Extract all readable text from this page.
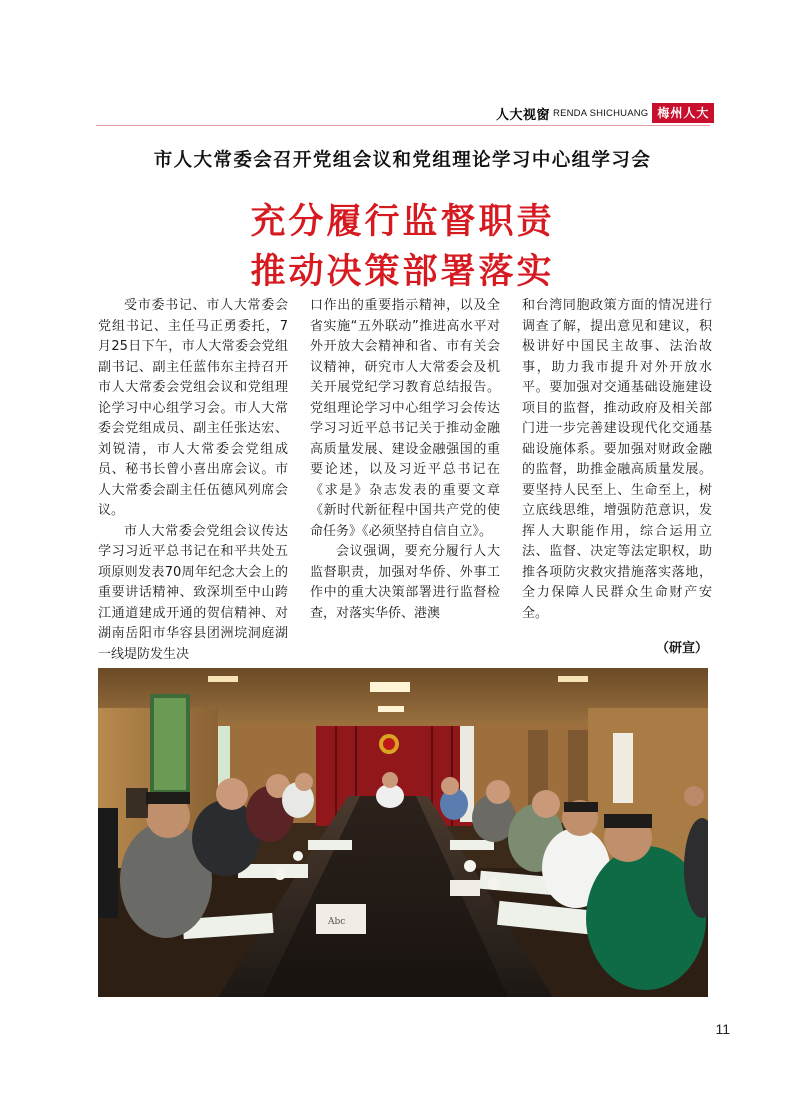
人大视窗 RENDA SHICHUANG 梅州人大
市人大常委会召开党组会议和党组理论学习中心组学习会
充分履行监督职责
推动决策部署落实

受市委书记、市人大常委会党组书记、主任马正勇委托，7月25日下午，市人大常委会党组副书记、副主任蓝伟东主持召开市人大常委会党组会议和党组理论学习中心组学习会。市人大常委会党组成员、副主任张达宏、刘锐清，市人大常委会党组成员、秘书长曾小喜出席会议。市人大常委会副主任伍德风列席会议。

市人大常委会党组会议传达学习习近平总书记在和平共处五项原则发表70周年纪念大会上的重要讲话精神、致深圳至中山跨江通道建成开通的贺信精神、对湖南岳阳市华容县团洲垸洞庭湖一线堤防发生决

口作出的重要指示精神，以及全省实施“五外联动”推进高水平对外开放大会精神和省、市有关会议精神，研究市人大常委会及机关开展党纪学习教育总结报告。党组理论学习中心组学习会传达学习习近平总书记关于推动金融高质量发展、建设金融强国的重要论述，以及习近平总书记在《求是》杂志发表的重要文章《新时代新征程中国共产党的使命任务》《必须坚持自信自立》。

会议强调，要充分履行人大监督职责，加强对华侨、外事工作中的重大决策部署进行监督检查，对落实华侨、港澳

和台湾同胞政策方面的情况进行调查了解，提出意见和建议，积极讲好中国民主故事、法治故事，助力我市提升对外开放水平。要加强对交通基础设施建设项目的监督，推动政府及相关部门进一步完善建设现代化交通基础设施体系。要加强对财政金融的监督，助推金融高质量发展。要坚持人民至上、生命至上，树立底线思维，增强防范意识，发挥人大职能作用，综合运用立法、监督、决定等法定职权，助推各项防灾救灾措施落实落地，全力保障人民群众生命财产安全。

（研宣）
Abc
11
